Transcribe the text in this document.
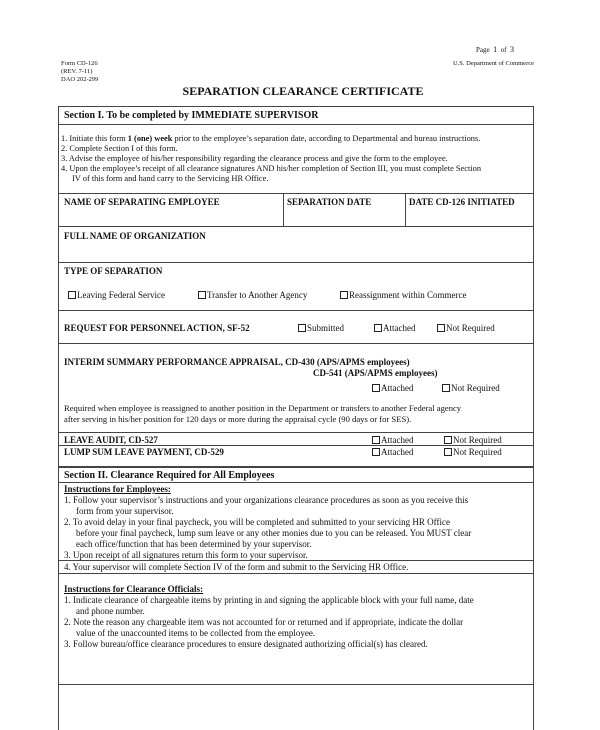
Page 1 of 3
Form CD-126
(REV. 7-11)
DAO 202-299
U.S. Department of Commerce
SEPARATION CLEARANCE CERTIFICATE
Section I. To be completed by IMMEDIATE SUPERVISOR
1. Initiate this form 1 (one) week prior to the employee’s separation date, according to Departmental and bureau instructions.
2. Complete Section I of this form.
3. Advise the employee of his/her responsibility regarding the clearance process and give the form to the employee.
4. Upon the employee’s receipt of all clearance signatures AND his/her completion of Section III, you must complete Section
IV of this form and hand carry to the Servicing HR Office.
NAME OF SEPARATING EMPLOYEE	SEPARATION DATE	DATE CD-126 INITIATED
FULL NAME OF ORGANIZATION
TYPE OF SEPARATION
Leaving Federal Service	Transfer to Another Agency	Reassignment within Commerce
REQUEST FOR PERSONNEL ACTION, SF-52	Submitted	Attached	Not Required
INTERIM SUMMARY PERFORMANCE APPRAISAL, CD-430 (APS/APMS employees)
CD-541 (APS/APMS employees)
Attached	Not Required
Required when employee is reassigned to another position in the Department or transfers to another Federal agency
after serving in his/her position for 120 days or more during the appraisal cycle (90 days or for SES).
LEAVE AUDIT, CD-527	Attached	Not Required
LUMP SUM LEAVE PAYMENT, CD-529	Attached	Not Required
Section II. Clearance Required for All Employees
Instructions for Employees:
1. Follow your supervisor’s instructions and your organizations clearance procedures as soon as you receive this
form from your supervisor.
2. To avoid delay in your final paycheck, you will be completed and submitted to your servicing HR Office
before your final paycheck, lump sum leave or any other monies due to you can be released. You MUST clear
each office/function that has been determined by your supervisor.
3. Upon receipt of all signatures return this form to your supervisor.
4. Your supervisor will complete Section IV of the form and submit to the Servicing HR Office.
Instructions for Clearance Officials:
1. Indicate clearance of chargeable items by printing in and signing the applicable block with your full name, date
and phone number.
2. Note the reason any chargeable item was not accounted for or returned and if appropriate, indicate the dollar
value of the unaccounted items to be collected from the employee.
3. Follow bureau/office clearance procedures to ensure designated authorizing official(s) has cleared.
